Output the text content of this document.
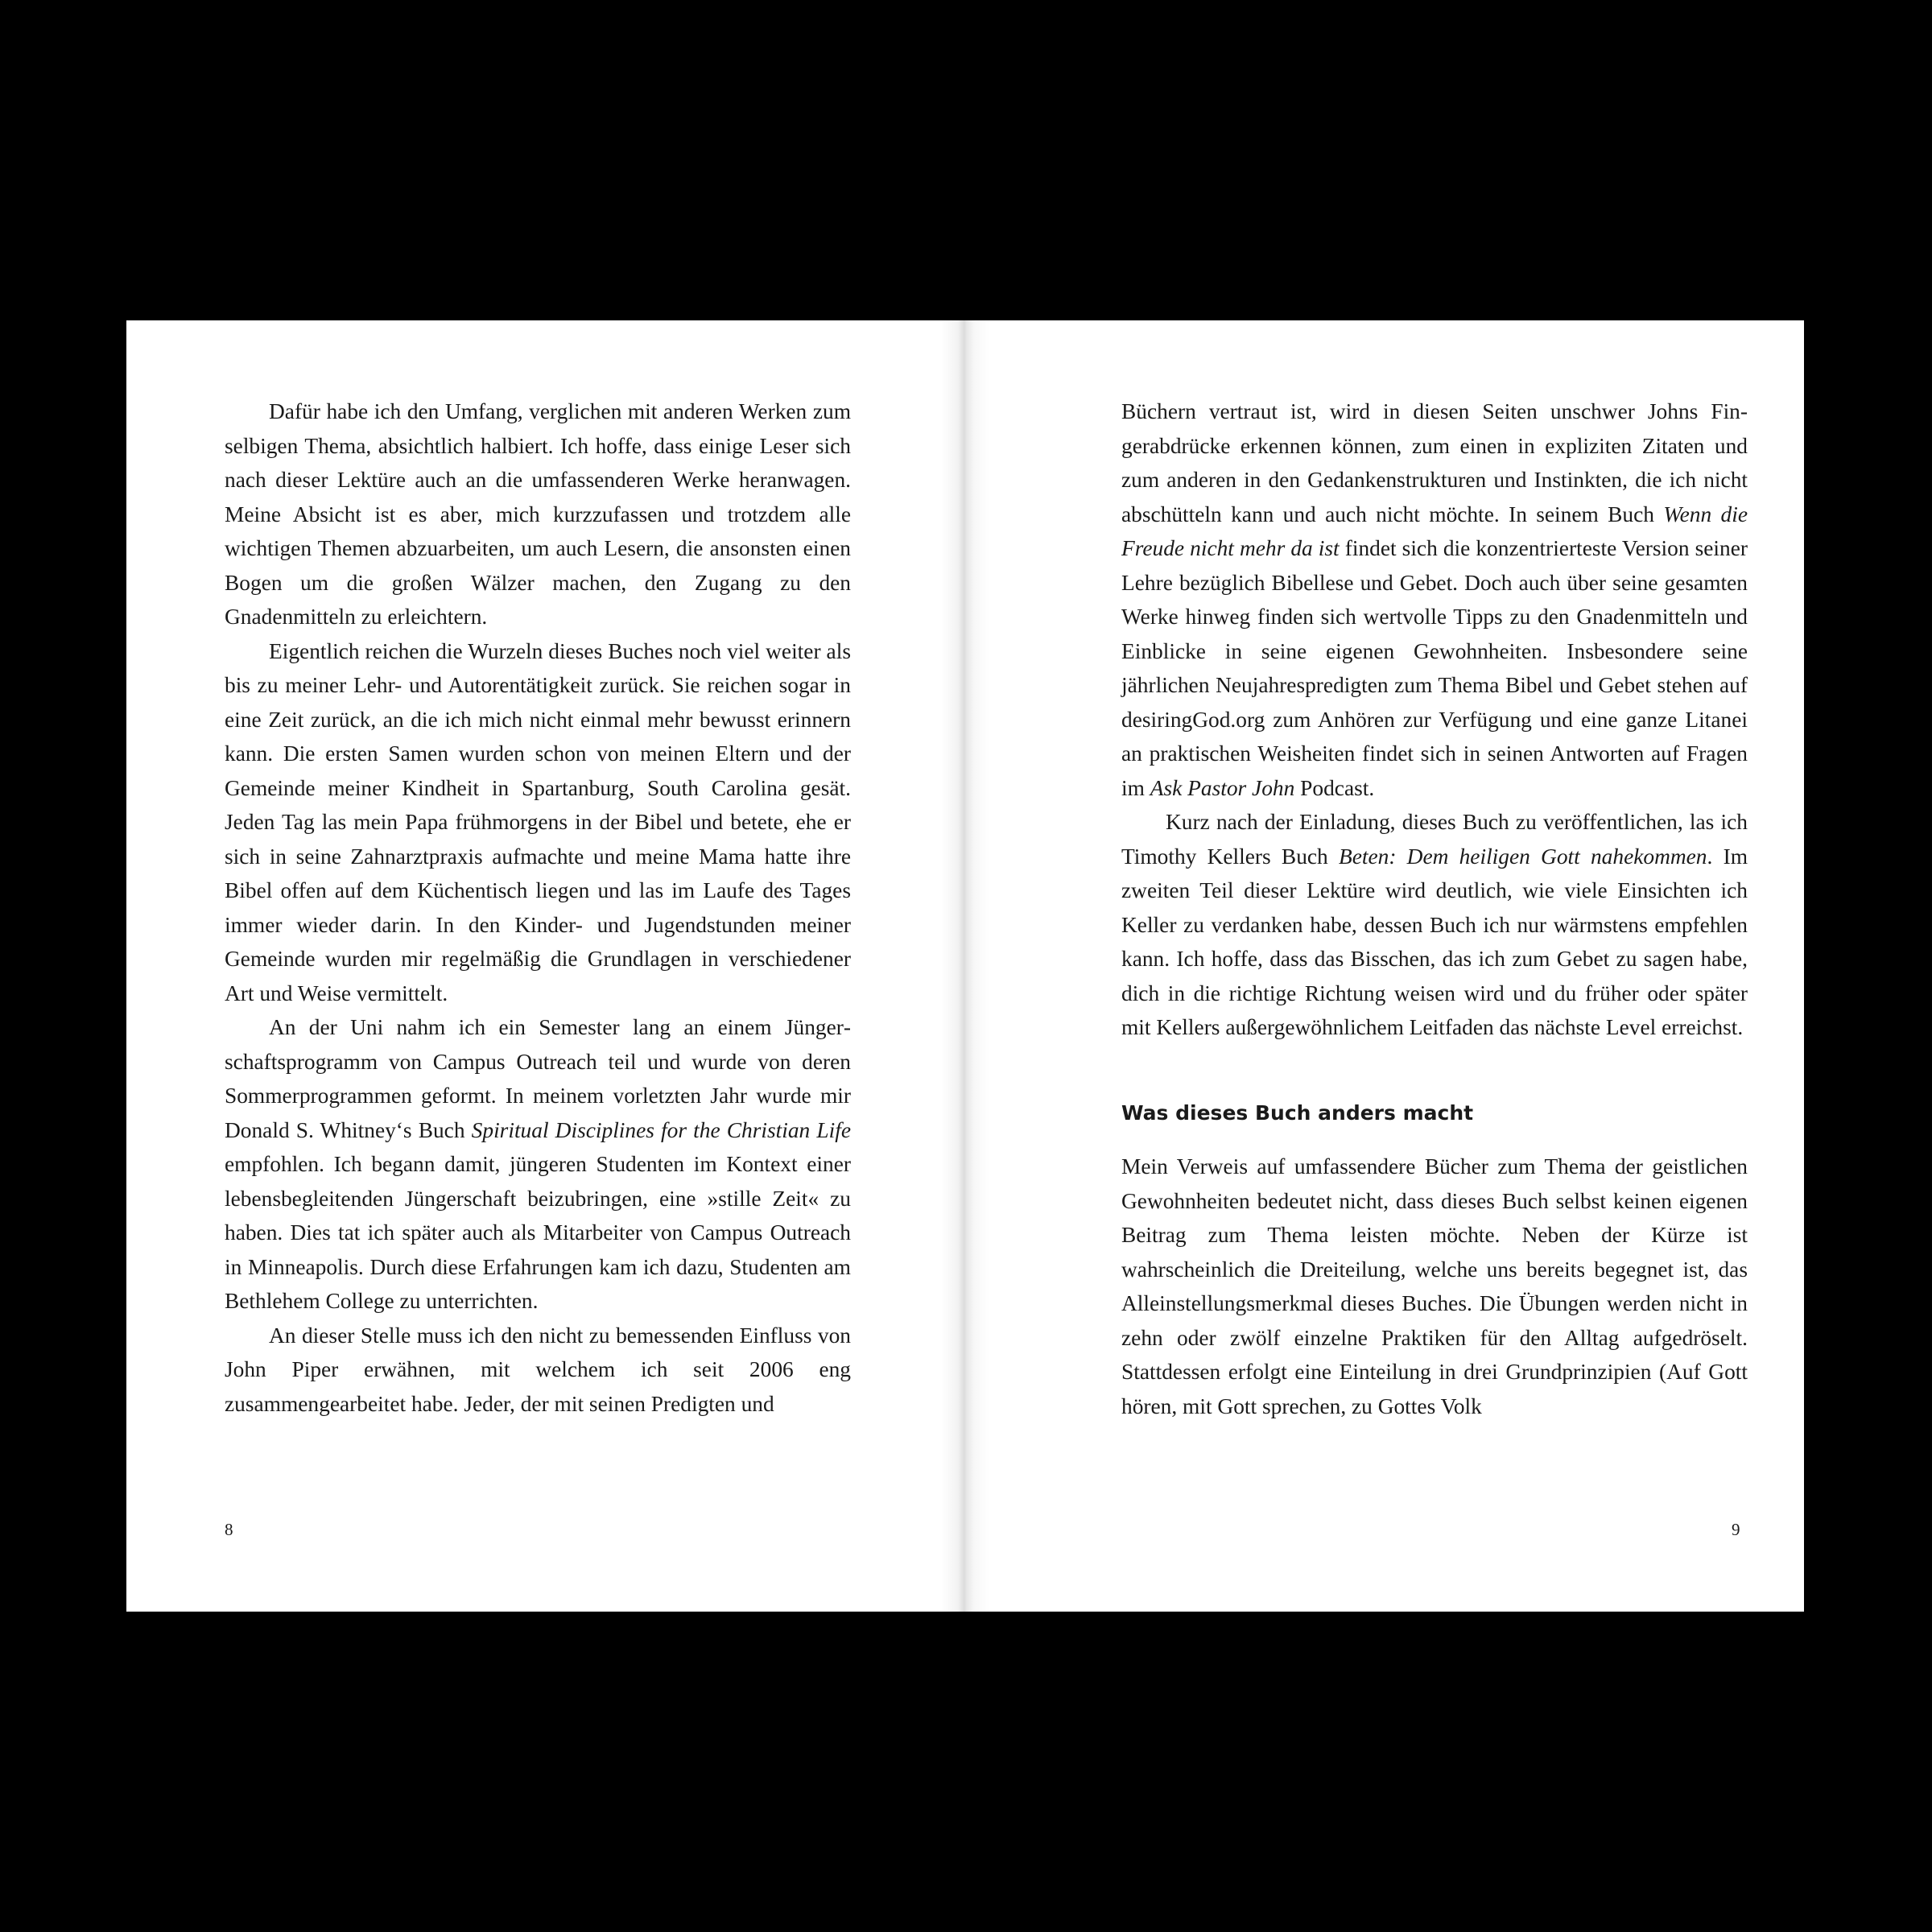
Dafür habe ich den Umfang, verglichen mit anderen Werken zum selbigen Thema, absichtlich halbiert. Ich hoffe, dass einige Leser sich nach dieser Lektüre auch an die umfassenderen Werke heranwagen. Meine Absicht ist es aber, mich kurzzufassen und trotzdem alle wichtigen Themen abzuarbeiten, um auch Lesern, die ansonsten einen Bogen um die großen Wälzer machen, den Zugang zu den Gnadenmitteln zu erleichtern.

Eigentlich reichen die Wurzeln dieses Buches noch viel weiter als bis zu meiner Lehr- und Autorentätigkeit zurück. Sie reichen sogar in eine Zeit zurück, an die ich mich nicht einmal mehr bewusst erinnern kann. Die ersten Samen wurden schon von meinen Eltern und der Gemeinde meiner Kindheit in Spartanburg, South Carolina gesät. Jeden Tag las mein Papa frühmorgens in der Bibel und betete, ehe er sich in seine Zahnarztpraxis aufmachte und meine Mama hatte ihre Bibel offen auf dem Küchentisch liegen und las im Laufe des Tages immer wieder darin. In den Kinder- und Jugendstunden meiner Gemeinde wurden mir regelmäßig die Grundlagen in verschiedener Art und Weise vermittelt.

An der Uni nahm ich ein Semester lang an einem Jüngerschaftsprogramm von Campus Outreach teil und wurde von deren Sommerprogrammen geformt. In meinem vorletzten Jahr wurde mir Donald S. Whitney‘s Buch Spiritual Disciplines for the Christian Life empfohlen. Ich begann damit, jüngeren Studenten im Kontext einer lebensbegleitenden Jüngerschaft beizubringen, eine »stille Zeit« zu haben. Dies tat ich später auch als Mitarbeiter von Campus Outreach in Minneapolis. Durch diese Erfahrungen kam ich dazu, Studenten am Bethlehem College zu unterrichten.

An dieser Stelle muss ich den nicht zu bemessenden Einfluss von John Piper erwähnen, mit welchem ich seit 2006 eng zusammengearbeitet habe. Jeder, der mit seinen Predigten und

8

Büchern vertraut ist, wird in diesen Seiten unschwer Johns Fingerabdrücke erkennen können, zum einen in expliziten Zitaten und zum anderen in den Gedankenstrukturen und Instinkten, die ich nicht abschütteln kann und auch nicht möchte. In seinem Buch Wenn die Freude nicht mehr da ist findet sich die konzentrierteste Version seiner Lehre bezüglich Bibellese und Gebet. Doch auch über seine gesamten Werke hinweg finden sich wertvolle Tipps zu den Gnadenmitteln und Einblicke in seine eigenen Gewohnheiten. Insbesondere seine jährlichen Neujahrespredigten zum Thema Bibel und Gebet stehen auf desiringGod.org zum Anhören zur Verfügung und eine ganze Litanei an praktischen Weisheiten findet sich in seinen Antworten auf Fragen im Ask Pastor John Podcast.

Kurz nach der Einladung, dieses Buch zu veröffentlichen, las ich Timothy Kellers Buch Beten: Dem heiligen Gott nahekommen. Im zweiten Teil dieser Lektüre wird deutlich, wie viele Einsichten ich Keller zu verdanken habe, dessen Buch ich nur wärmstens empfehlen kann. Ich hoffe, dass das Bisschen, das ich zum Gebet zu sagen habe, dich in die richtige Richtung weisen wird und du früher oder später mit Kellers außergewöhnlichem Leitfaden das nächste Level erreichst.

Was dieses Buch anders macht

Mein Verweis auf umfassendere Bücher zum Thema der geistlichen Gewohnheiten bedeutet nicht, dass dieses Buch selbst keinen eigenen Beitrag zum Thema leisten möchte. Neben der Kürze ist wahrscheinlich die Dreiteilung, welche uns bereits begegnet ist, das Alleinstellungsmerkmal dieses Buches. Die Übungen werden nicht in zehn oder zwölf einzelne Praktiken für den Alltag aufgedröselt. Stattdessen erfolgt eine Einteilung in drei Grundprinzipien (Auf Gott hören, mit Gott sprechen, zu Gottes Volk

9
